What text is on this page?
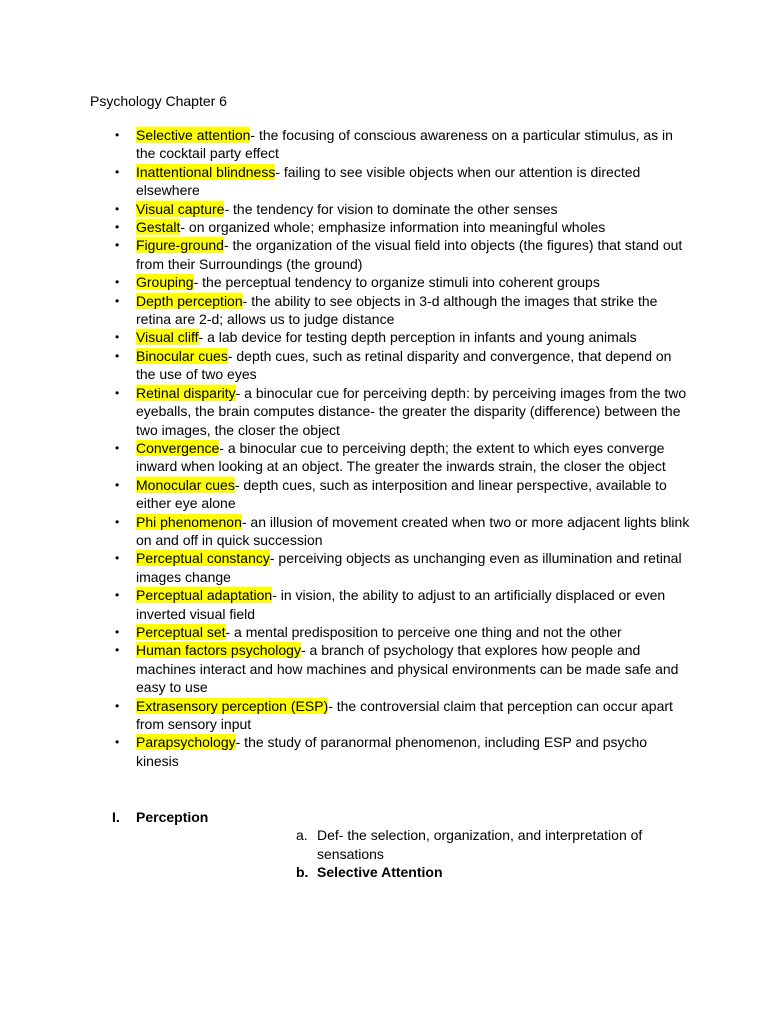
Psychology Chapter 6
• Selective attention- the focusing of conscious awareness on a particular stimulus, as in the cocktail party effect
• Inattentional blindness- failing to see visible objects when our attention is directed elsewhere
• Visual capture- the tendency for vision to dominate the other senses
• Gestalt- on organized whole; emphasize information into meaningful wholes
• Figure-ground- the organization of the visual field into objects (the figures) that stand out from their Surroundings (the ground)
• Grouping- the perceptual tendency to organize stimuli into coherent groups
• Depth perception- the ability to see objects in 3-d although the images that strike the retina are 2-d; allows us to judge distance
• Visual cliff- a lab device for testing depth perception in infants and young animals
• Binocular cues- depth cues, such as retinal disparity and convergence, that depend on the use of two eyes
• Retinal disparity- a binocular cue for perceiving depth: by perceiving images from the two eyeballs, the brain computes distance- the greater the disparity (difference) between the two images, the closer the object
• Convergence- a binocular cue to perceiving depth; the extent to which eyes converge inward when looking at an object. The greater the inwards strain, the closer the object
• Monocular cues- depth cues, such as interposition and linear perspective, available to either eye alone
• Phi phenomenon- an illusion of movement created when two or more adjacent lights blink on and off in quick succession
• Perceptual constancy- perceiving objects as unchanging even as illumination and retinal images change
• Perceptual adaptation- in vision, the ability to adjust to an artificially displaced or even inverted visual field
• Perceptual set- a mental predisposition to perceive one thing and not the other
• Human factors psychology- a branch of psychology that explores how people and machines interact and how machines and physical environments can be made safe and easy to use
• Extrasensory perception (ESP)- the controversial claim that perception can occur apart from sensory input
• Parapsychology- the study of paranormal phenomenon, including ESP and psycho kinesis
I. Perception
a. Def- the selection, organization, and interpretation of sensations
b. Selective Attention
